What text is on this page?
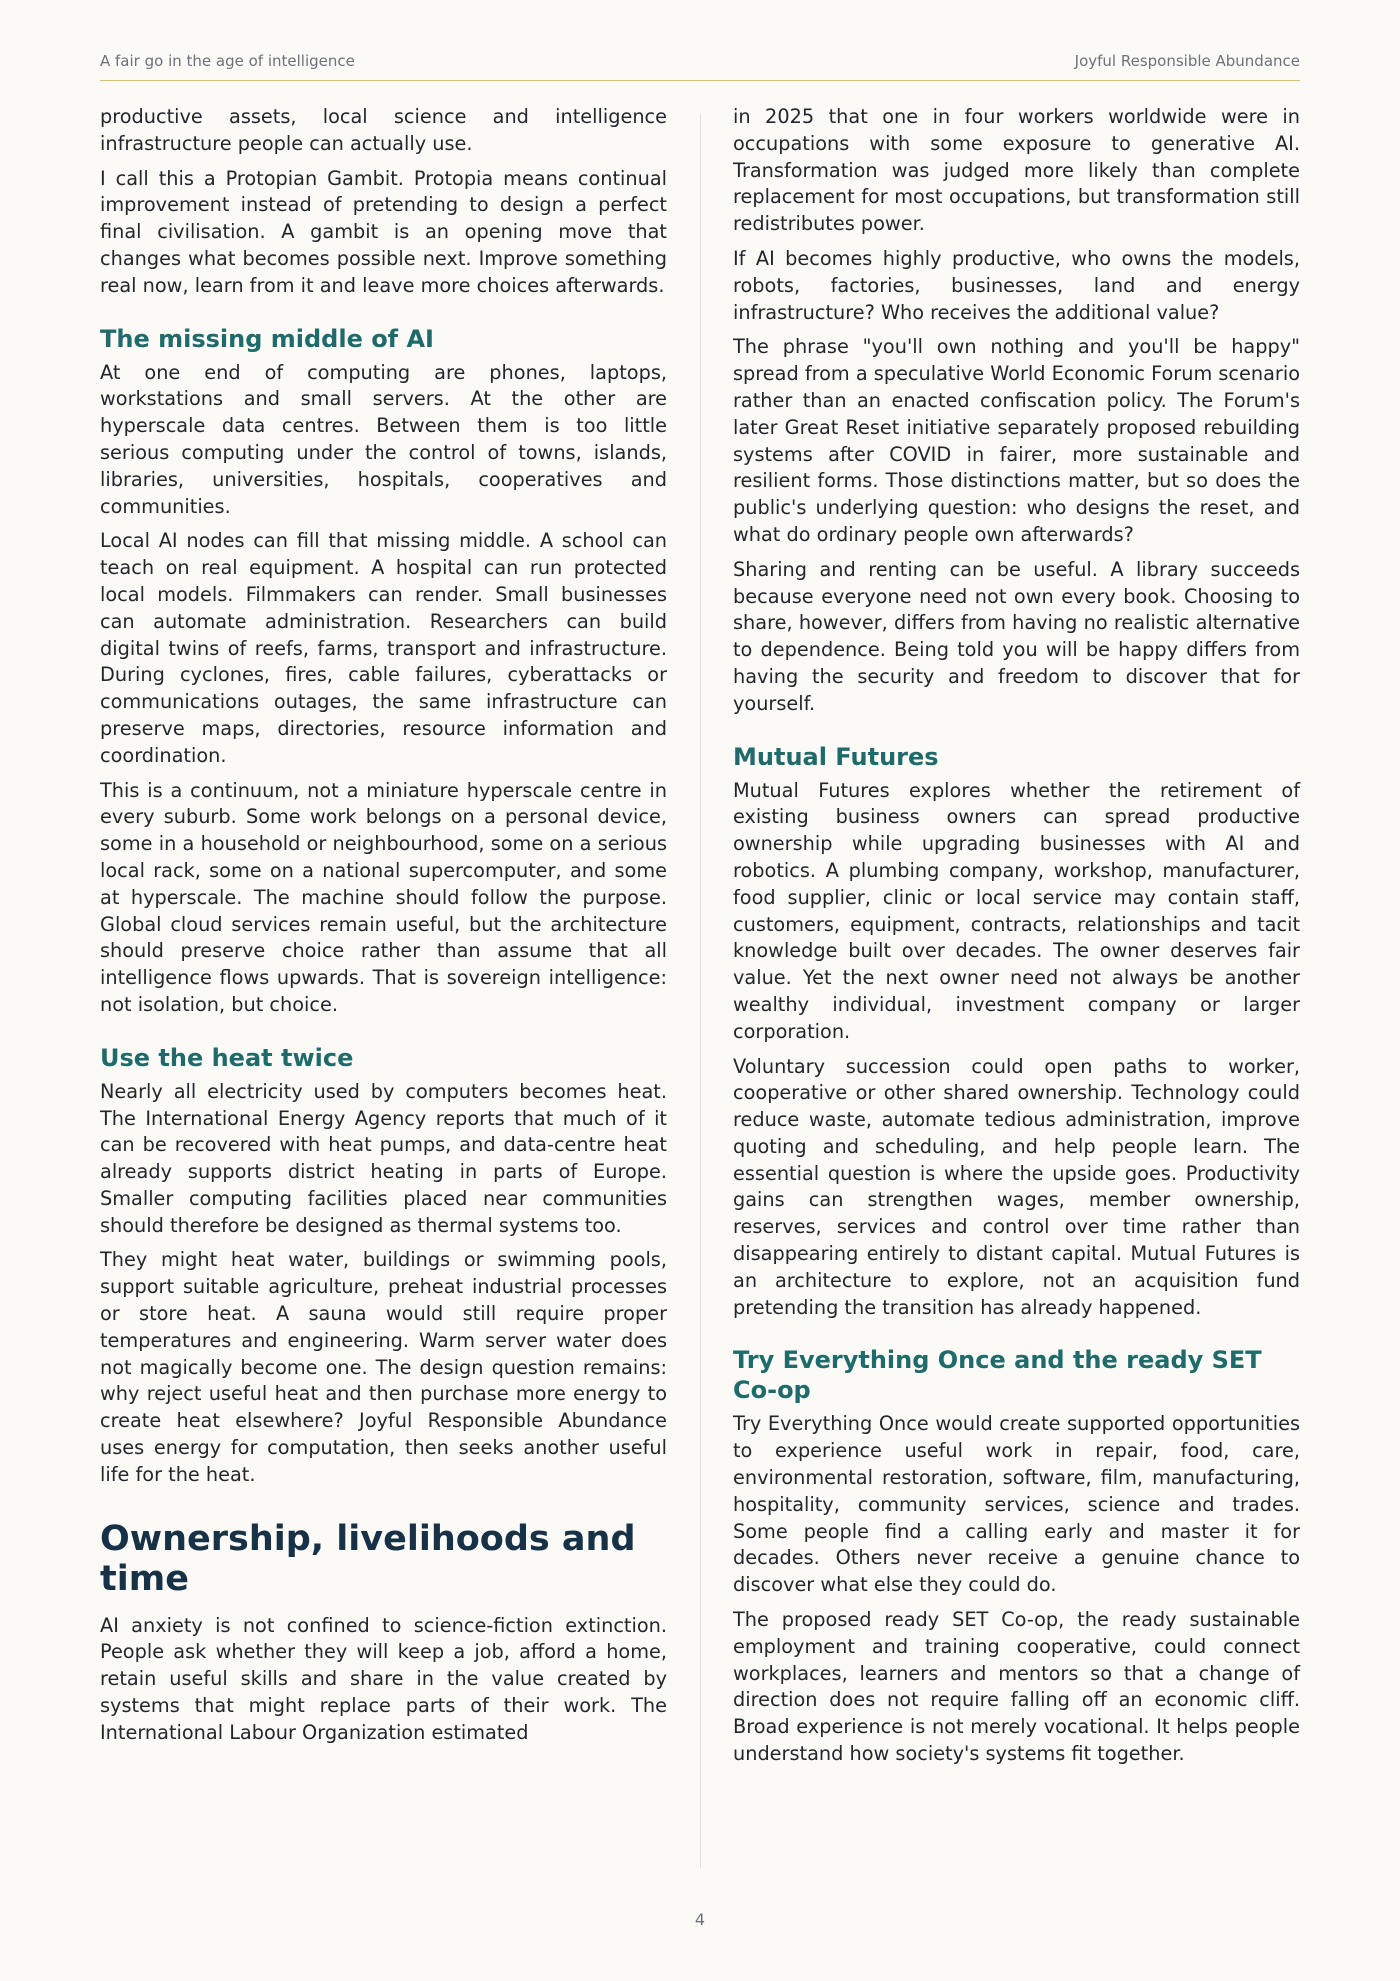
A fair go in the age of intelligence	Joyful Responsible Abundance

productive assets, local science and intelligence infrastructure people can actually use.

I call this a Protopian Gambit. Protopia means continual improvement instead of pretending to design a perfect final civilisation. A gambit is an opening move that changes what becomes possible next. Improve something real now, learn from it and leave more choices afterwards.

The missing middle of AI

At one end of computing are phones, laptops, workstations and small servers. At the other are hyperscale data centres. Between them is too little serious computing under the control of towns, islands, libraries, universities, hospitals, cooperatives and communities.

Local AI nodes can fill that missing middle. A school can teach on real equipment. A hospital can run protected local models. Filmmakers can render. Small businesses can automate administration. Researchers can build digital twins of reefs, farms, transport and infrastructure. During cyclones, fires, cable failures, cyberattacks or communications outages, the same infrastructure can preserve maps, directories, resource information and coordination.

This is a continuum, not a miniature hyperscale centre in every suburb. Some work belongs on a personal device, some in a household or neighbourhood, some on a serious local rack, some on a national supercomputer, and some at hyperscale. The machine should follow the purpose. Global cloud services remain useful, but the architecture should preserve choice rather than assume that all intelligence flows upwards. That is sovereign intelligence: not isolation, but choice.

Use the heat twice

Nearly all electricity used by computers becomes heat. The International Energy Agency reports that much of it can be recovered with heat pumps, and data-centre heat already supports district heating in parts of Europe. Smaller computing facilities placed near communities should therefore be designed as thermal systems too.

They might heat water, buildings or swimming pools, support suitable agriculture, preheat industrial processes or store heat. A sauna would still require proper temperatures and engineering. Warm server water does not magically become one. The design question remains: why reject useful heat and then purchase more energy to create heat elsewhere? Joyful Responsible Abundance uses energy for computation, then seeks another useful life for the heat.

Ownership, livelihoods and time

AI anxiety is not confined to science-fiction extinction. People ask whether they will keep a job, afford a home, retain useful skills and share in the value created by systems that might replace parts of their work. The International Labour Organization estimated

in 2025 that one in four workers worldwide were in occupations with some exposure to generative AI. Transformation was judged more likely than complete replacement for most occupations, but transformation still redistributes power.

If AI becomes highly productive, who owns the models, robots, factories, businesses, land and energy infrastructure? Who receives the additional value?

The phrase "you'll own nothing and you'll be happy" spread from a speculative World Economic Forum scenario rather than an enacted confiscation policy. The Forum's later Great Reset initiative separately proposed rebuilding systems after COVID in fairer, more sustainable and resilient forms. Those distinctions matter, but so does the public's underlying question: who designs the reset, and what do ordinary people own afterwards?

Sharing and renting can be useful. A library succeeds because everyone need not own every book. Choosing to share, however, differs from having no realistic alternative to dependence. Being told you will be happy differs from having the security and freedom to discover that for yourself.

Mutual Futures

Mutual Futures explores whether the retirement of existing business owners can spread productive ownership while upgrading businesses with AI and robotics. A plumbing company, workshop, manufacturer, food supplier, clinic or local service may contain staff, customers, equipment, contracts, relationships and tacit knowledge built over decades. The owner deserves fair value. Yet the next owner need not always be another wealthy individual, investment company or larger corporation.

Voluntary succession could open paths to worker, cooperative or other shared ownership. Technology could reduce waste, automate tedious administration, improve quoting and scheduling, and help people learn. The essential question is where the upside goes. Productivity gains can strengthen wages, member ownership, reserves, services and control over time rather than disappearing entirely to distant capital. Mutual Futures is an architecture to explore, not an acquisition fund pretending the transition has already happened.

Try Everything Once and the ready SET Co-op

Try Everything Once would create supported opportunities to experience useful work in repair, food, care, environmental restoration, software, film, manufacturing, hospitality, community services, science and trades. Some people find a calling early and master it for decades. Others never receive a genuine chance to discover what else they could do.

The proposed ready SET Co-op, the ready sustainable employment and training cooperative, could connect workplaces, learners and mentors so that a change of direction does not require falling off an economic cliff. Broad experience is not merely vocational. It helps people understand how society's systems fit together.

4
